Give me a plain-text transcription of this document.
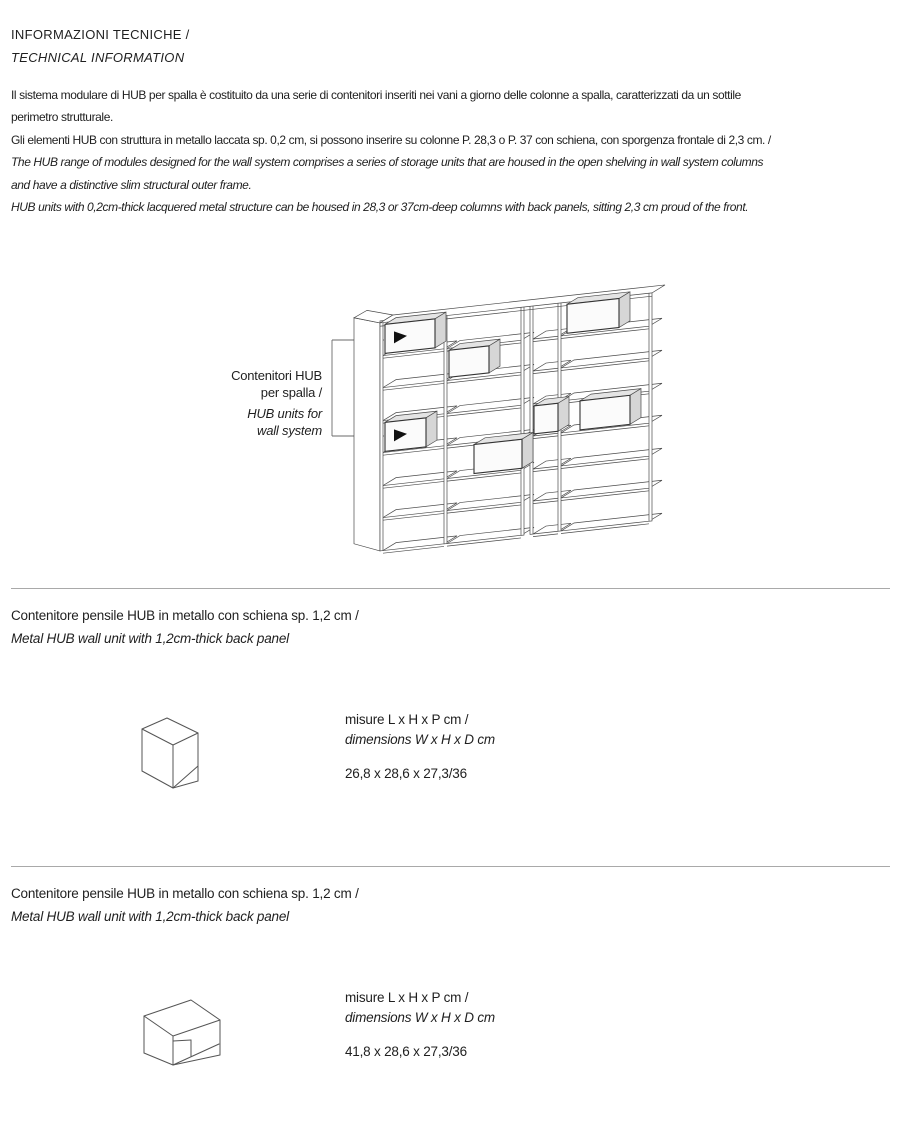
INFORMAZIONI TECNICHE /
TECHNICAL INFORMATION
Il sistema modulare di HUB per spalla è costituito da una serie di contenitori inseriti nei vani a giorno delle colonne a spalla, caratterizzati da un sottile
perimetro strutturale.
Gli elementi HUB con struttura in metallo laccata sp. 0,2 cm, si possono inserire su colonne P. 28,3 o P. 37 con schiena, con sporgenza frontale di 2,3 cm. /
The HUB range of modules designed for the wall system comprises a series of storage units that are housed in the open shelving in wall system columns
and have a distinctive slim structural outer frame.
HUB units with 0,2cm-thick lacquered metal structure can be housed in 28,3 or 37cm-deep columns with back panels, sitting 2,3 cm proud of the front.
Contenitori HUB
per spalla /
HUB units for
wall system
Contenitore pensile HUB in metallo con schiena sp. 1,2 cm /
Metal HUB wall unit with 1,2cm-thick back panel
misure L x H x P cm /
dimensions W x H x D cm
26,8 x 28,6 x 27,3/36
Contenitore pensile HUB in metallo con schiena sp. 1,2 cm /
Metal HUB wall unit with 1,2cm-thick back panel
misure L x H x P cm /
dimensions W x H x D cm
41,8 x 28,6 x 27,3/36
